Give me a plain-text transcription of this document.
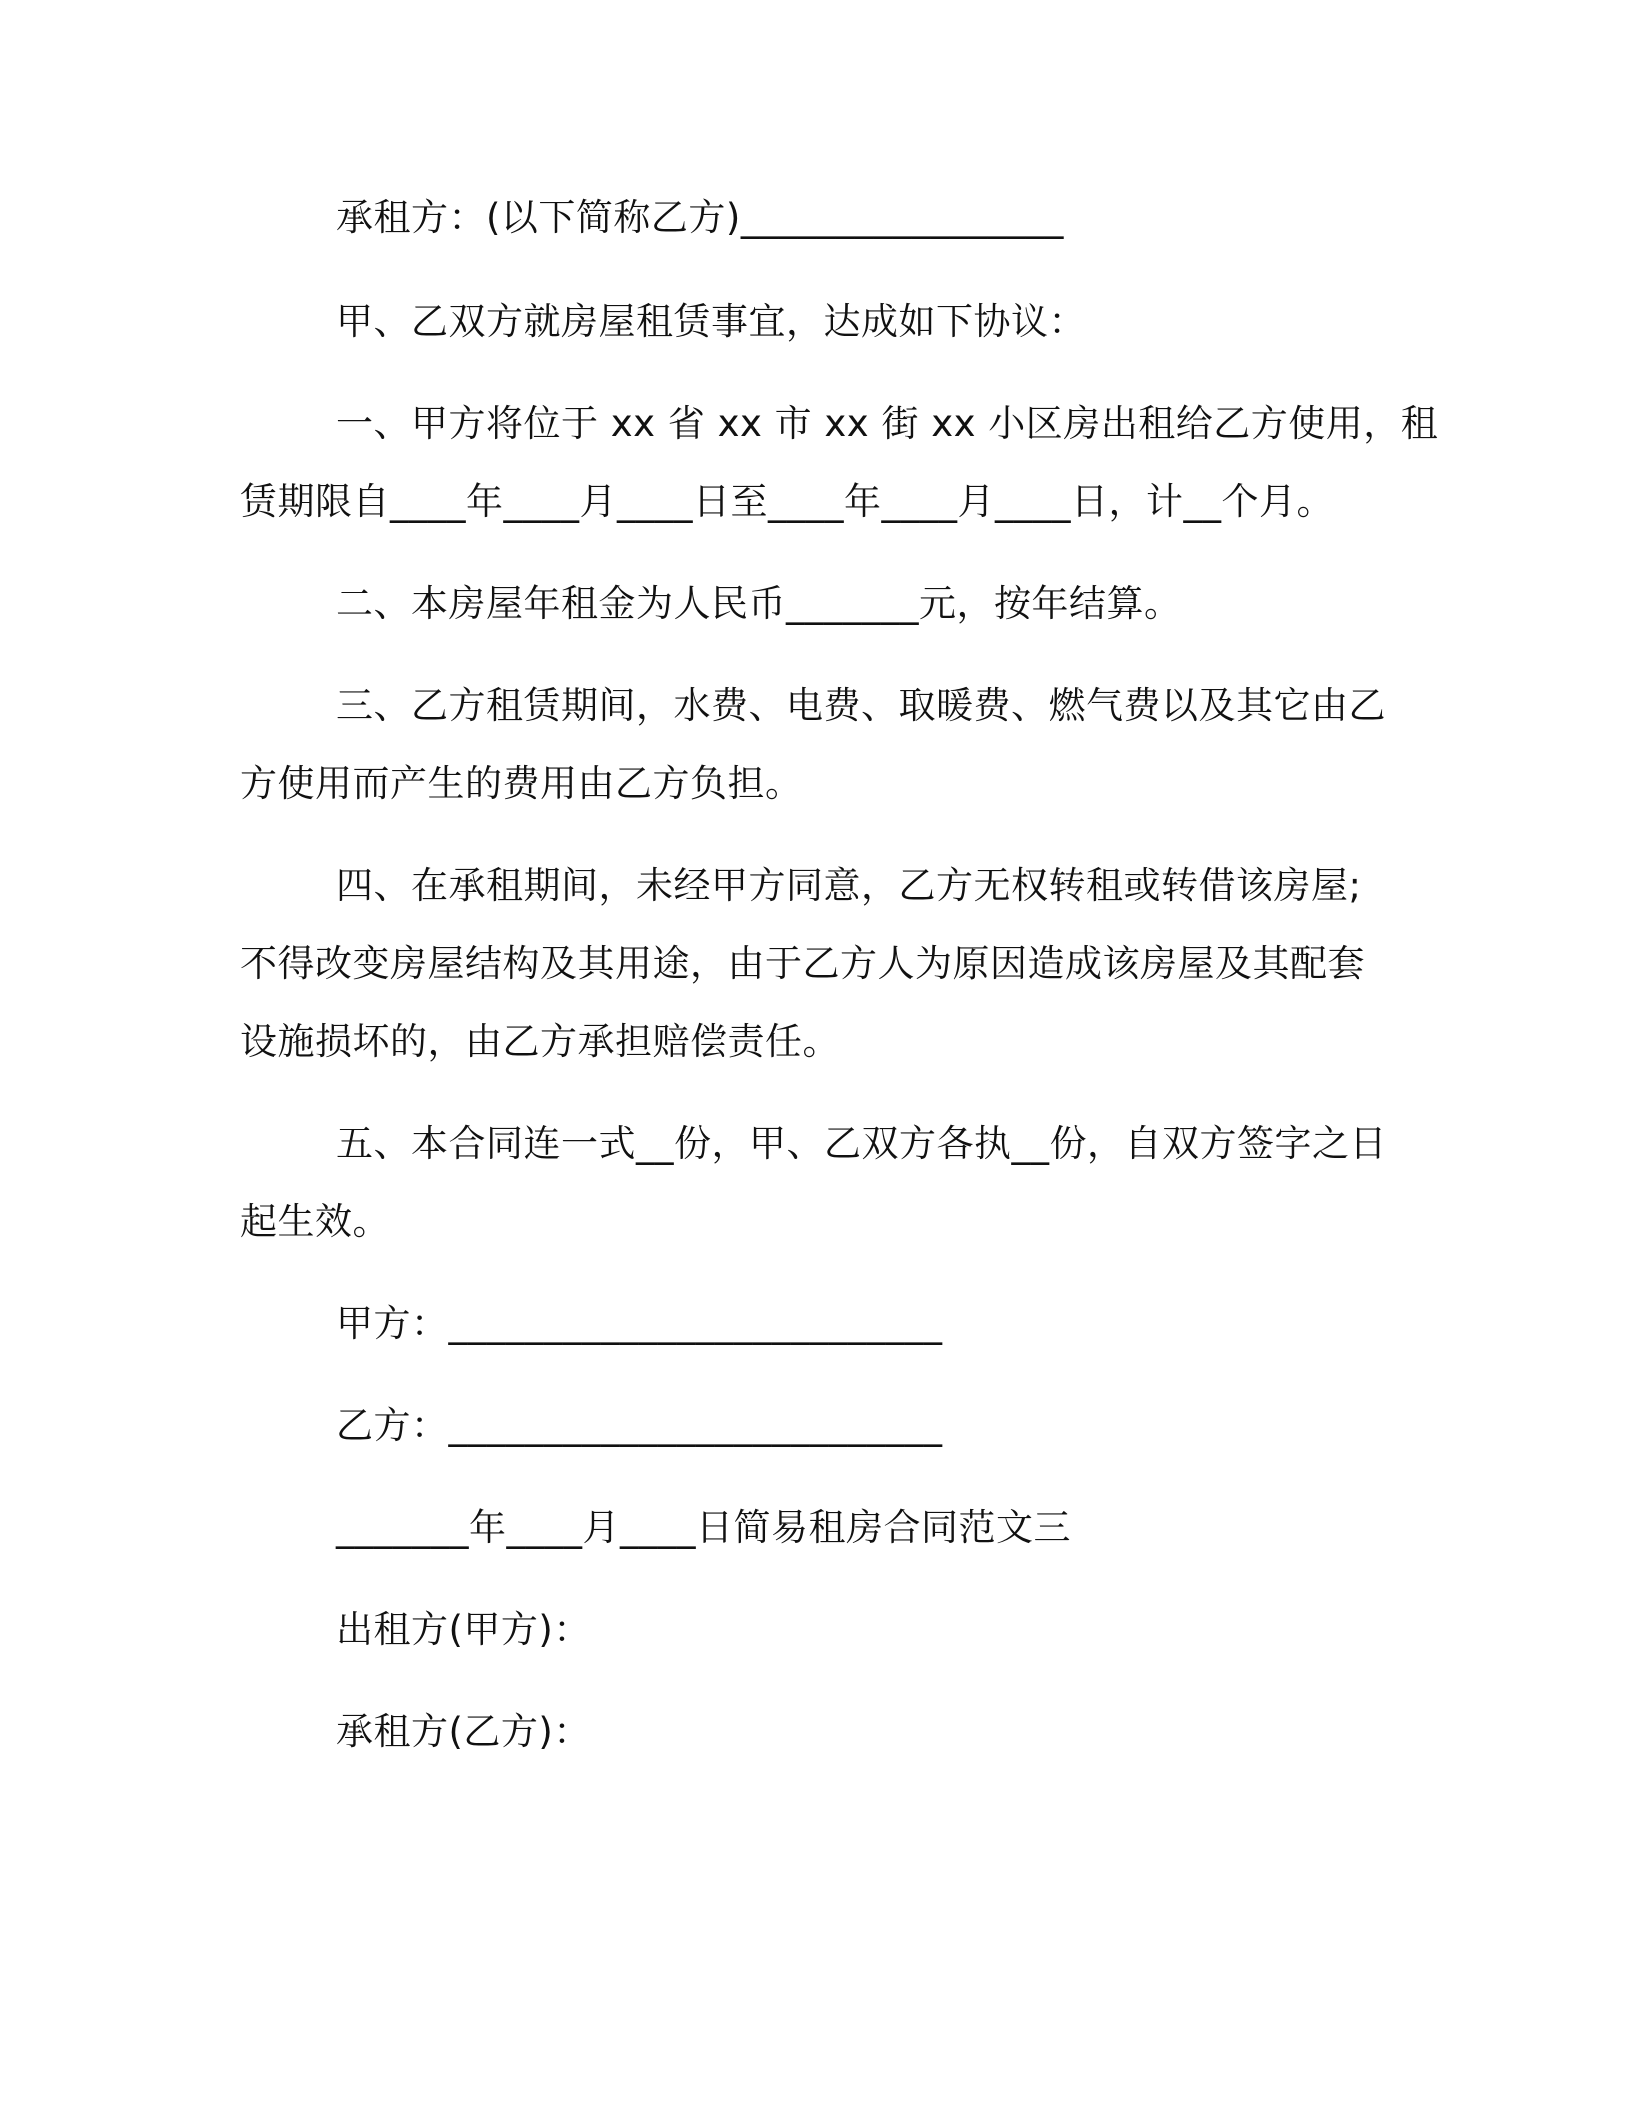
承租方：(以下简称乙方)_________________
甲、乙双方就房屋租赁事宜，达成如下协议：
一、甲方将位于 xx 省 xx 市 xx 街 xx 小区房出租给乙方使用，租
赁期限自____年____月____日至____年____月____日，计__个月。
二、本房屋年租金为人民币_______元，按年结算。
三、乙方租赁期间，水费、电费、取暖费、燃气费以及其它由乙
方使用而产生的费用由乙方负担。
四、在承租期间，未经甲方同意，乙方无权转租或转借该房屋;
不得改变房屋结构及其用途，由于乙方人为原因造成该房屋及其配套
设施损坏的，由乙方承担赔偿责任。
五、本合同连一式__份，甲、乙双方各执__份，自双方签字之日
起生效。
甲方：__________________________
乙方：__________________________
_______年____月____日简易租房合同范文三
出租方(甲方)：
承租方(乙方)：
